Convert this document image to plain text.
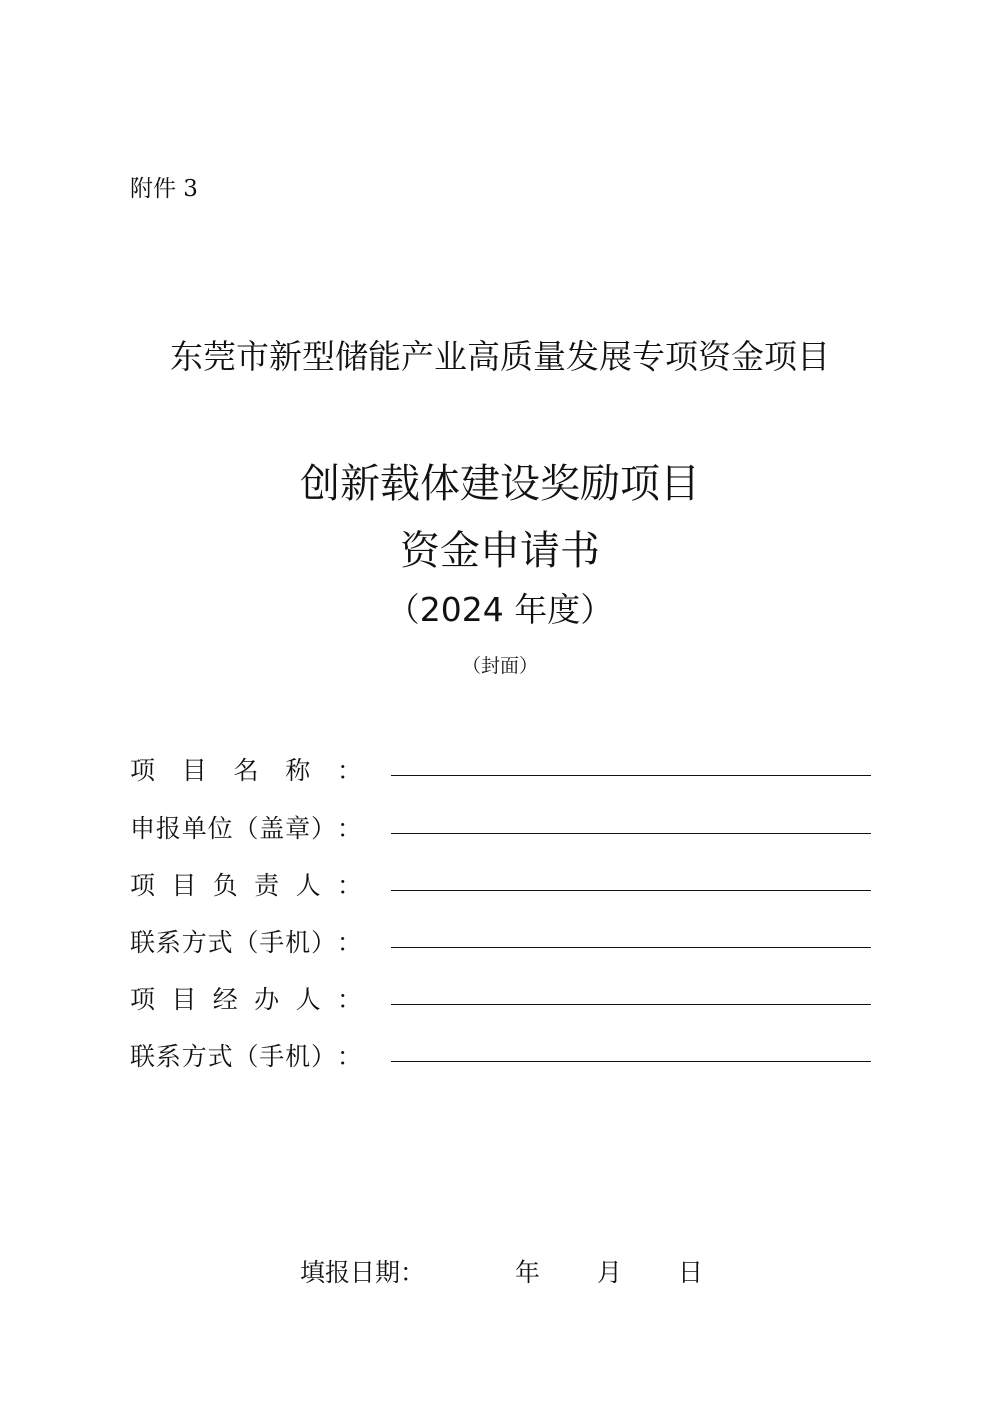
附件 3
东莞市新型储能产业高质量发展专项资金项目
创新载体建设奖励项目
资金申请书
（2024 年度）
（封面）
项 目 名 称 ：
申 报 单 位 （ 盖 章 ） ：
项 目 负 责 人 ：
联 系 方 式 （ 手 机 ） ：
项 目 经 办 人 ：
联 系 方 式 （ 手 机 ） ：
填报日期：	年 月 日
